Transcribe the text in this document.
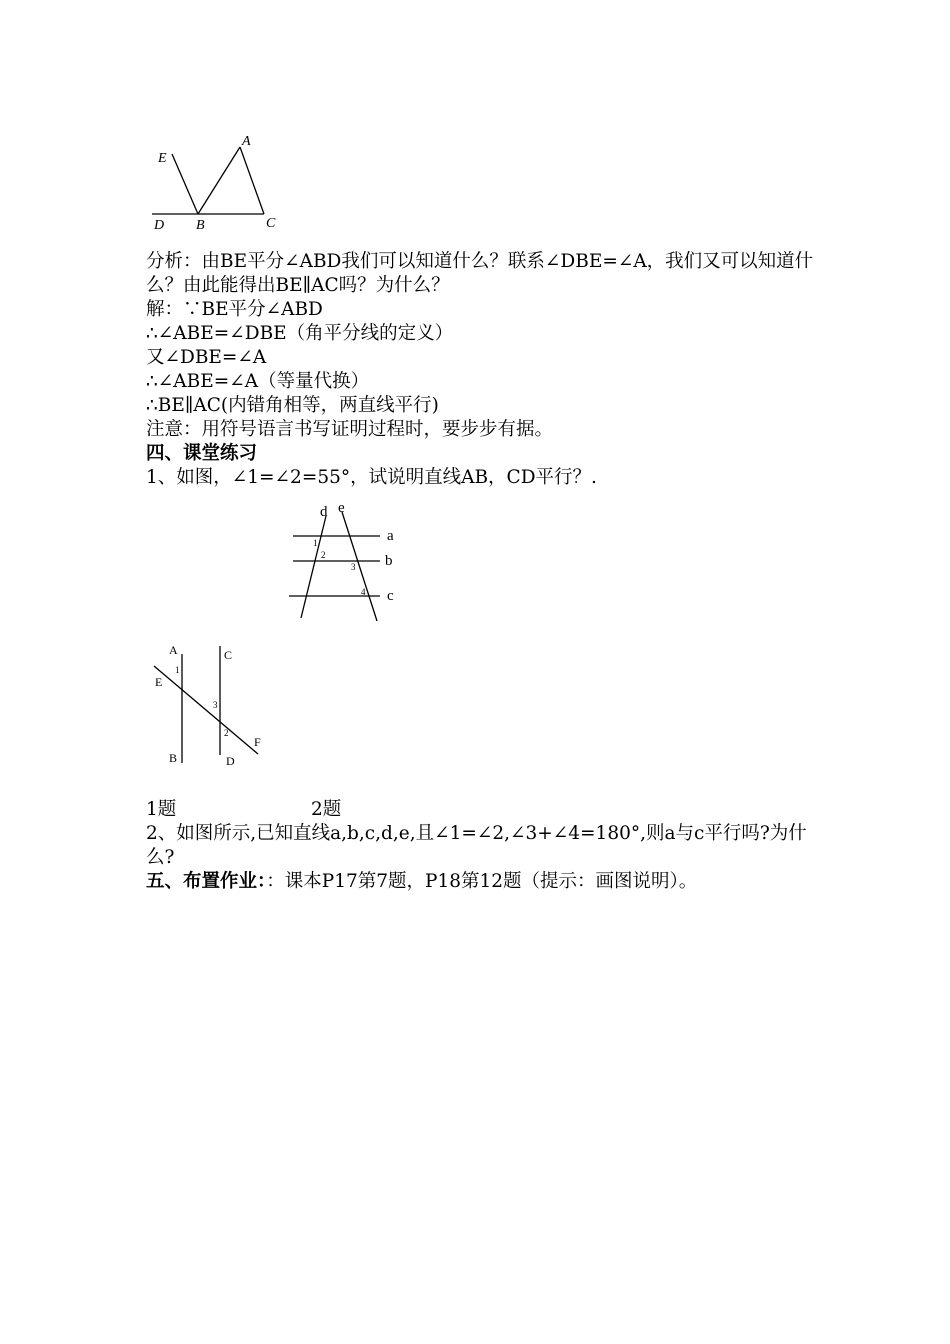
E
A
D B	C

分析：由BE平分∠ABD我们可以知道什么？联系∠DBE=∠A，我们又可以知道什么？由此能得出BE∥AC吗？为什么？

解：∵BE平分∠ABD

∴∠ABE=∠DBE（角平分线的定义）

又∠DBE=∠A

∴∠ABE=∠A（等量代换）

∴BE∥AC(内错角相等，两直线平行)

注意：用符号语言书写证明过程时，要步步有据。

四、课堂练习

1、如图，∠1=∠2=55°，试说明直线AB，CD平行？.

d e
a
b
c
1
2
3
4
A	C
E
F
B	D
1
3
2
1题	2题

2、如图所示,已知直线a,b,c,d,e,且∠1=∠2,∠3+∠4=180°,则a与c平行吗?为什么?

五、布置作业：：课本P17第7题，P18第12题（提示：画图说明）。
